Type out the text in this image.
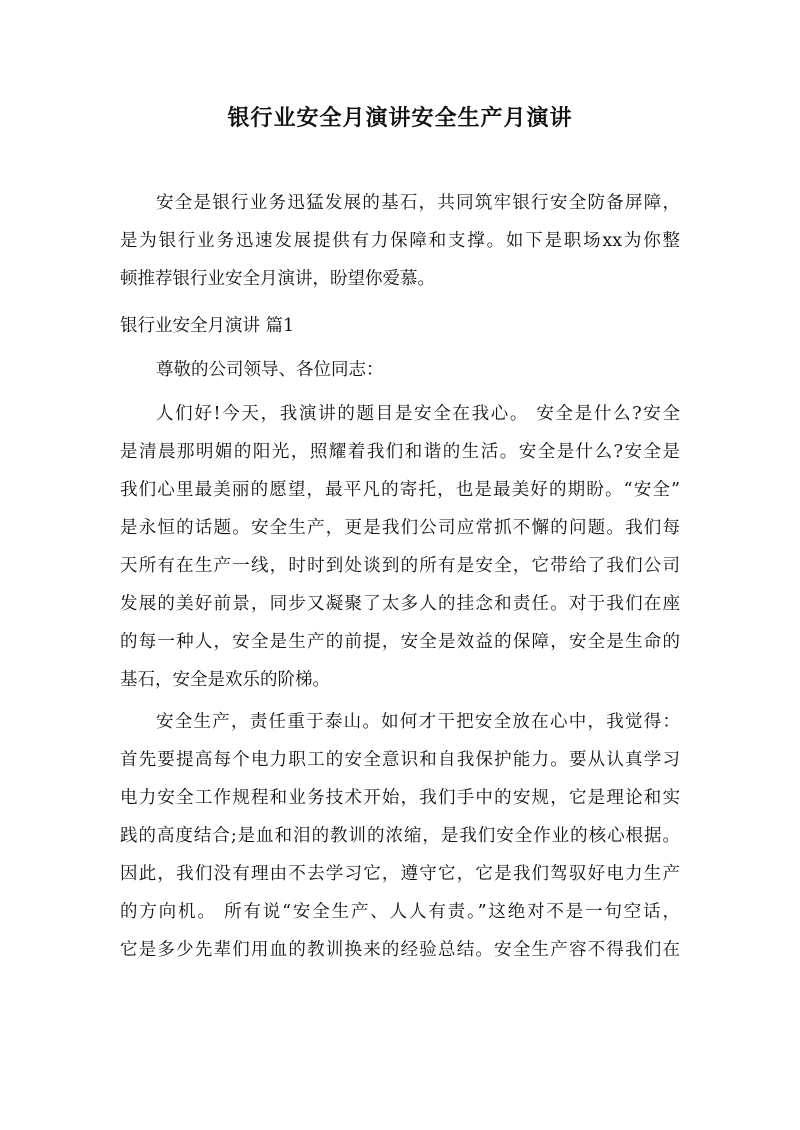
银行业安全月演讲安全生产月演讲
安全是银行业务迅猛发展的基石，共同筑牢银行安全防备屏障，
是为银行业务迅速发展提供有力保障和支撑。如下是职场xx为你整
顿推荐银行业安全月演讲，盼望你爱慕。
银行业安全月演讲 篇1
尊敬的公司领导、各位同志：
人们好!今天，我演讲的题目是安全在我心。 安全是什么?安全
是清晨那明媚的阳光，照耀着我们和谐的生活。安全是什么?安全是
我们心里最美丽的愿望，最平凡的寄托，也是最美好的期盼。“安全”
是永恒的话题。安全生产，更是我们公司应常抓不懈的问题。我们每
天所有在生产一线，时时到处谈到的所有是安全，它带给了我们公司
发展的美好前景，同步又凝聚了太多人的挂念和责任。对于我们在座
的每一种人，安全是生产的前提，安全是效益的保障，安全是生命的
基石，安全是欢乐的阶梯。
安全生产，责任重于泰山。如何才干把安全放在心中，我觉得：
首先要提高每个电力职工的安全意识和自我保护能力。要从认真学习
电力安全工作规程和业务技术开始，我们手中的安规，它是理论和实
践的高度结合;是血和泪的教训的浓缩，是我们安全作业的核心根据。
因此，我们没有理由不去学习它，遵守它，它是我们驾驭好电力生产
的方向机。 所有说“安全生产、人人有责。”这绝对不是一句空话，
它是多少先辈们用血的教训换来的经验总结。安全生产容不得我们在
